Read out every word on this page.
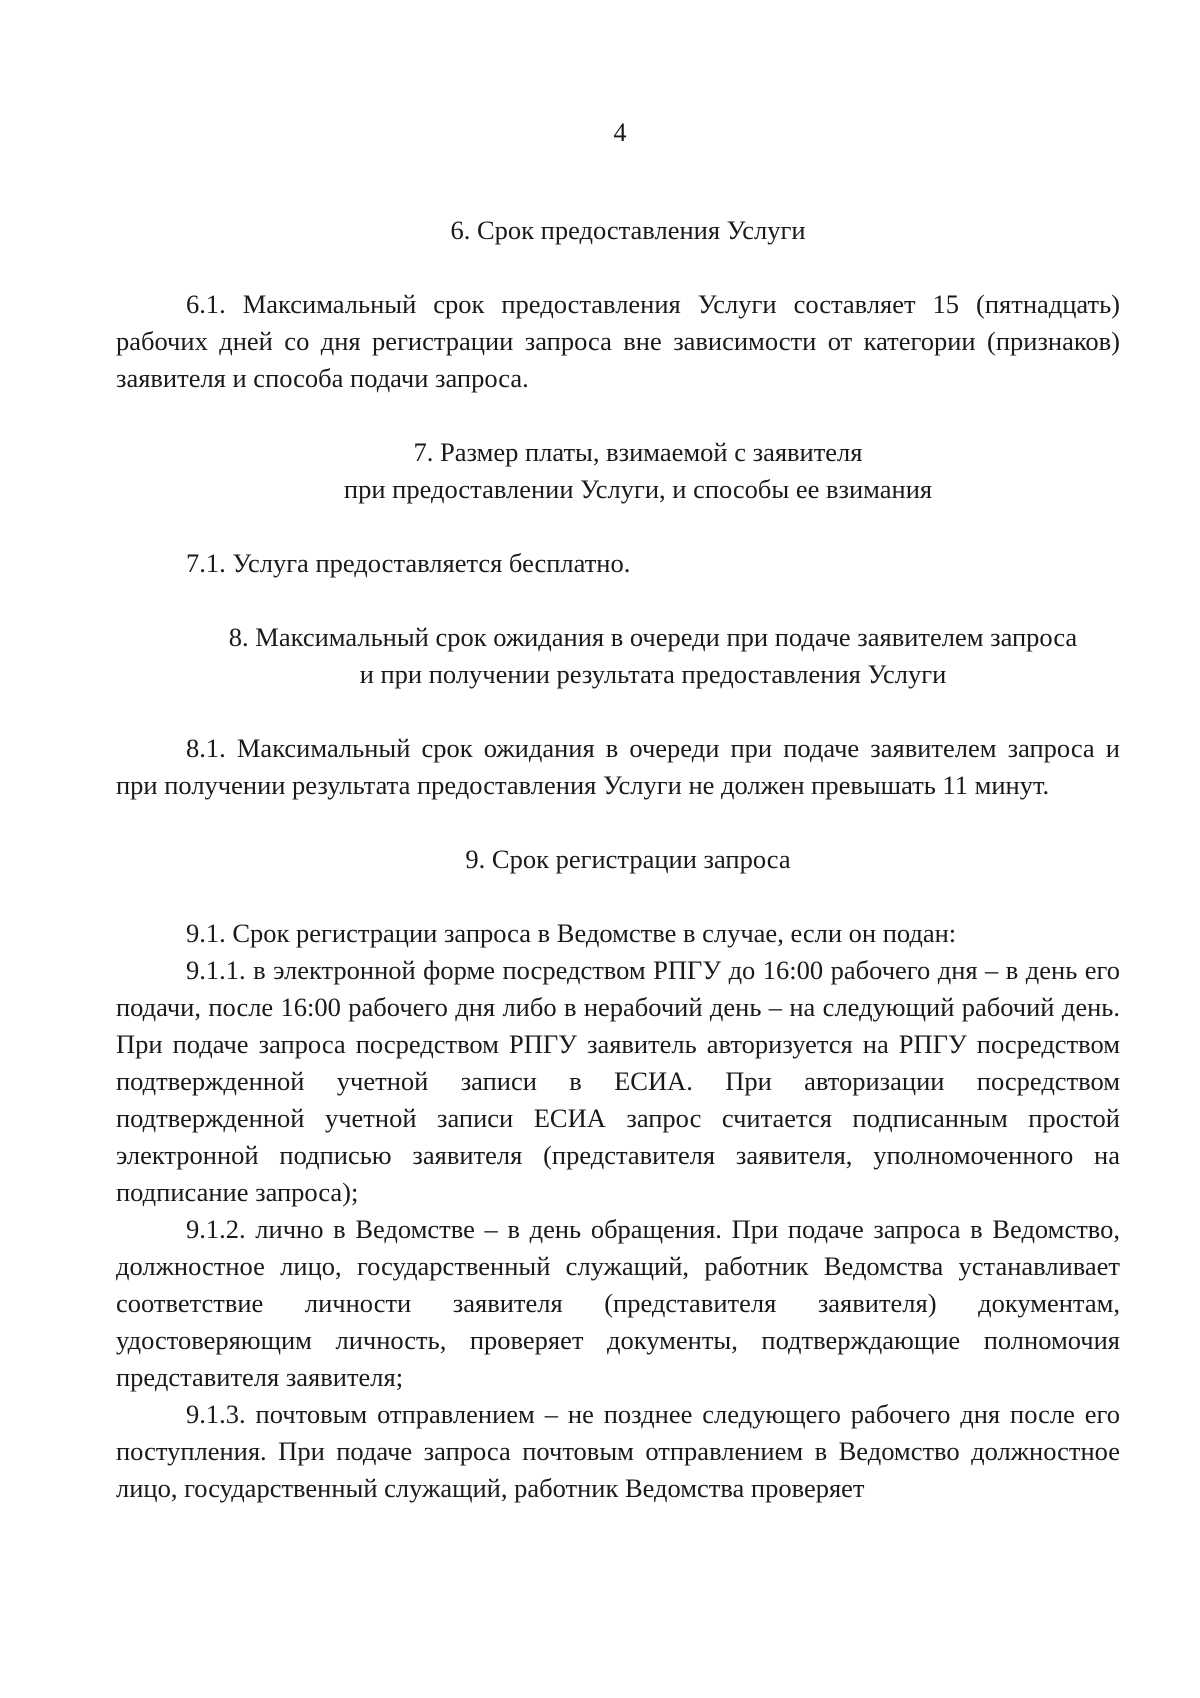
4
6. Срок предоставления Услуги

6.1. Максимальный срок предоставления Услуги составляет 15 (пятнадцать) рабочих дней со дня регистрации запроса вне зависимости от категории (признаков) заявителя и способа подачи запроса.

7. Размер платы, взимаемой с заявителя
при предоставлении Услуги, и способы ее взимания

7.1. Услуга предоставляется бесплатно.

8. Максимальный срок ожидания в очереди при подаче заявителем запроса
и при получении результата предоставления Услуги

8.1. Максимальный срок ожидания в очереди при подаче заявителем запроса и при получении результата предоставления Услуги не должен превышать 11 минут.

9. Срок регистрации запроса

9.1. Срок регистрации запроса в Ведомстве в случае, если он подан:

9.1.1. в электронной форме посредством РПГУ до 16:00 рабочего дня – в день его подачи, после 16:00 рабочего дня либо в нерабочий день – на следующий рабочий день. При подаче запроса посредством РПГУ заявитель авторизуется на РПГУ посредством подтвержденной учетной записи в ЕСИА. При авторизации посредством подтвержденной учетной записи ЕСИА запрос считается подписанным простой электронной подписью заявителя (представителя заявителя, уполномоченного на подписание запроса);

9.1.2. лично в Ведомстве – в день обращения. При подаче запроса в Ведомство, должностное лицо, государственный служащий, работник Ведомства устанавливает соответствие личности заявителя (представителя заявителя) документам, удостоверяющим личность, проверяет документы, подтверждающие полномочия представителя заявителя;

9.1.3. почтовым отправлением – не позднее следующего рабочего дня после его поступления. При подаче запроса почтовым отправлением в Ведомство должностное лицо, государственный служащий, работник Ведомства проверяет
